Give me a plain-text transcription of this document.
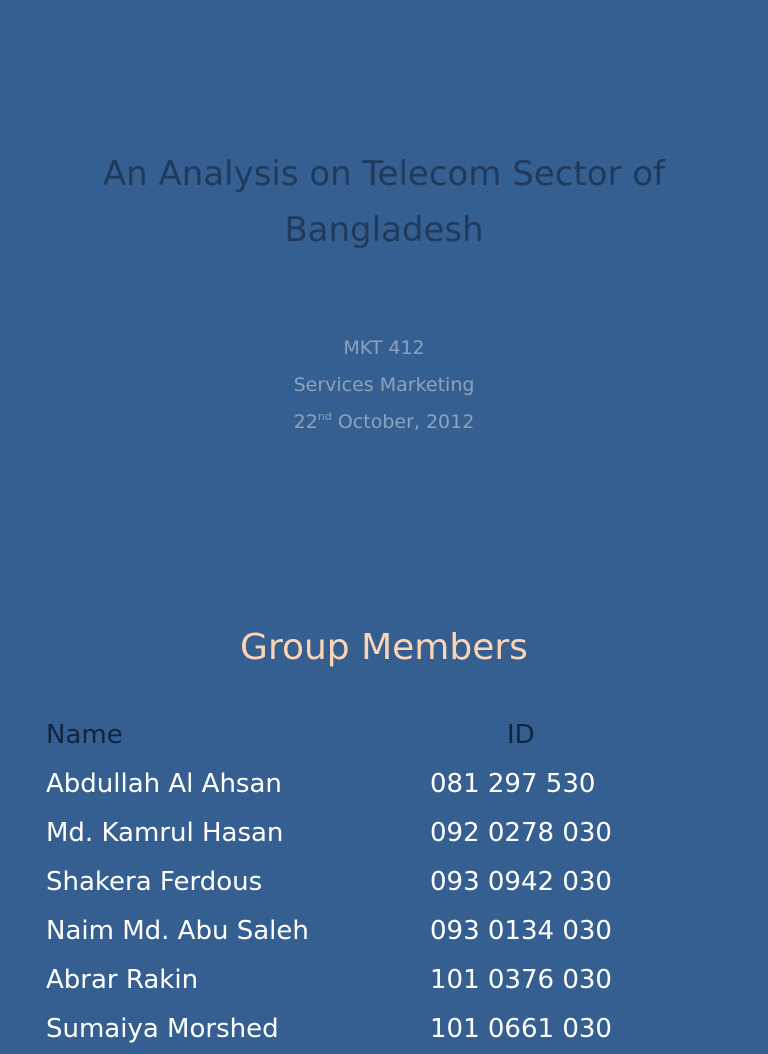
An Analysis on Telecom Sector of
Bangladesh
MKT 412
Services Marketing
22nd October, 2012
Group Members
Name	ID
Abdullah Al Ahsan	081 297 530
Md. Kamrul Hasan	092 0278 030
Shakera Ferdous	093 0942 030
Naim Md. Abu Saleh	093 0134 030
Abrar Rakin	101 0376 030
Sumaiya Morshed	101 0661 030
